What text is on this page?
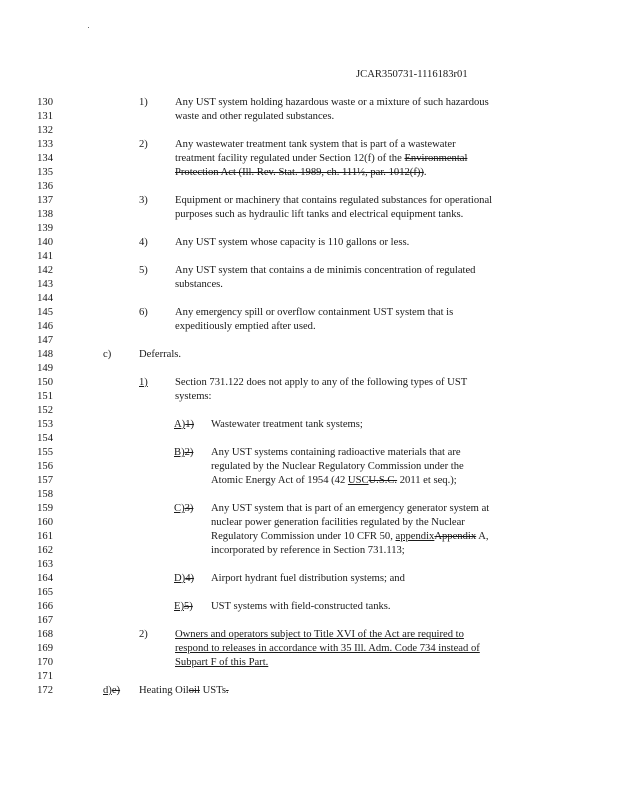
JCAR350731-1116183r01
130
131
132
133
134
135
136
137
138
139
140
141
142
143
144
145
146
147
148
149
150
151
152
153
154
155
156
157
158
159
160
161
162
163
164
165
166
167
168
169
170
171
172
1)	Any UST system holding hazardous waste or a mixture of such hazardous
waste and other regulated substances.
2)	Any wastewater treatment tank system that is part of a wastewater
treatment facility regulated under Section 12(f) of the Environmental
Protection Act (Ill. Rev. Stat. 1989, ch. 111½, par. 1012(f)).
3)	Equipment or machinery that contains regulated substances for operational
purposes such as hydraulic lift tanks and electrical equipment tanks.
4)	Any UST system whose capacity is 110 gallons or less.
5)	Any UST system that contains a de minimis concentration of regulated
substances.
6)	Any emergency spill or overflow containment UST system that is
expeditiously emptied after used.
c)	Deferrals.
1)	Section 731.122 does not apply to any of the following types of UST
systems:
A)1) Wastewater treatment tank systems;
B)2) Any UST systems containing radioactive materials that are
regulated by the Nuclear Regulatory Commission under the
Atomic Energy Act of 1954 (42 USCU.S.C. 2011 et seq.);
C)3) Any UST system that is part of an emergency generator system at
nuclear power generation facilities regulated by the Nuclear
Regulatory Commission under 10 CFR 50, appendixAppendix A,
incorporated by reference in Section 731.113;
D)4) Airport hydrant fuel distribution systems; and
E)5) UST systems with field-constructed tanks.
2)	Owners and operators subject to Title XVI of the Act are required to
respond to releases in accordance with 35 Ill. Adm. Code 734 instead of
Subpart F of this Part.
d)e) Heating Oiloil USTs.
